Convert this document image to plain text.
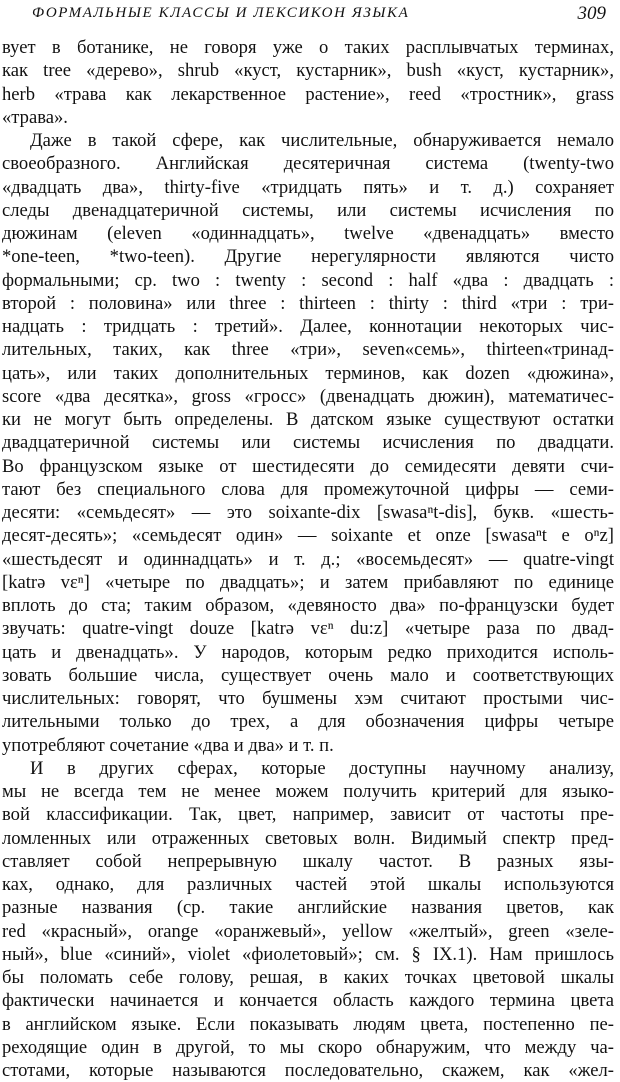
ФОРМАЛЬНЫЕ КЛАССЫ И ЛЕКСИКОН ЯЗЫКА	309
вует в ботанике, не говоря уже о таких расплывчатых терминах,
как tree «дерево», shrub «куст, кустарник», bush «куст, кустарник»,
herb «трава как лекарственное растение», reed «тростник», grass
«трава».
Даже в такой сфере, как числительные, обнаруживается немало
своеобразного. Английская десятеричная система (twenty-two
«двадцать два», thirty-five «тридцать пять» и т. д.) сохраняет
следы двенадцатеричной системы, или системы исчисления по
дюжинам (eleven «одиннадцать», twelve «двенадцать» вместо
*one-teen, *two-teen). Другие нерегулярности являются чисто
формальными; ср. two : twenty : second : half «два : двадцать :
второй : половина» или three : thirteen : thirty : third «три : три-
надцать : тридцать : третий». Далее, коннотации некоторых чис-
лительных, таких, как three «три», seven«семь», thirteen«тринад-
цать», или таких дополнительных терминов, как dozen «дюжина»,
score «два десятка», gross «гросс» (двенадцать дюжин), математичес-
ки не могут быть определены. В датском языке существуют остатки
двадцатеричной системы или системы исчисления по двадцати.
Во французском языке от шестидесяти до семидесяти девяти счи-
тают без специального слова для промежуточной цифры — семи-
десяти: «семьдесят» — это soixante-dix [swasaⁿt-dis], букв. «шесть-
десят-десять»; «семьдесят один» — soixante et onze [swasaⁿt e oⁿz]
«шестьдесят и одиннадцать» и т. д.; «восемьдесят» — quatre-vingt
[katrə vɛⁿ] «четыре по двадцать»; и затем прибавляют по единице
вплоть до ста; таким образом, «девяносто два» по-французски будет
звучать: quatre-vingt douze [katrə vɛⁿ du:z] «четыре раза по двад-
цать и двенадцать». У народов, которым редко приходится исполь-
зовать большие числа, существует очень мало и соответствующих
числительных: говорят, что бушмены хэм считают простыми чис-
лительными только до трех, а для обозначения цифры четыре
употребляют сочетание «два и два» и т. п.
И в других сферах, которые доступны научному анализу,
мы не всегда тем не менее можем получить критерий для языко-
вой классификации. Так, цвет, например, зависит от частоты пре-
ломленных или отраженных световых волн. Видимый спектр пред-
ставляет собой непрерывную шкалу частот. В разных язы-
ках, однако, для различных частей этой шкалы используются
разные названия (ср. такие английские названия цветов, как
red «красный», orange «оранжевый», yellow «желтый», green «зеле-
ный», blue «синий», violet «фиолетовый»; см. § IX.1). Нам пришлось
бы поломать себе голову, решая, в каких точках цветовой шкалы
фактически начинается и кончается область каждого термина цвета
в английском языке. Если показывать людям цвета, постепенно пе-
реходящие один в другой, то мы скоро обнаружим, что между ча-
стотами, которые называются последовательно, скажем, как «жел-
